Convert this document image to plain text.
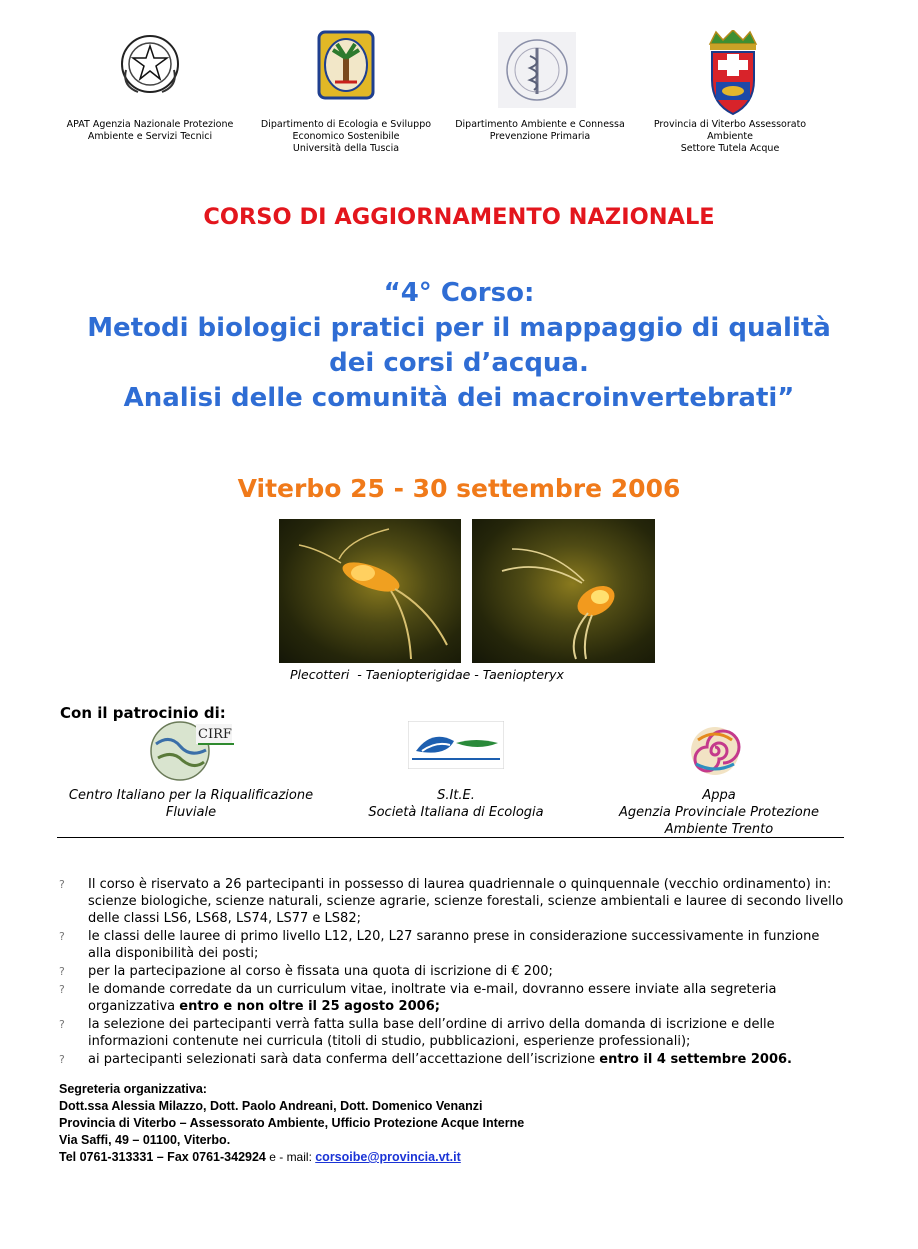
APAT Agenzia Nazionale Protezione
Ambiente e Servizi Tecnici
Dipartimento di Ecologia e Sviluppo
Economico Sostenibile
Università della Tuscia
Dipartimento Ambiente e Connessa
Prevenzione Primaria
Provincia di Viterbo Assessorato Ambiente
Settore Tutela Acque
CORSO DI AGGIORNAMENTO NAZIONALE
“4° Corso:
Metodi biologici pratici per il mappaggio di qualità
dei corsi d’acqua.
Analisi delle comunità dei macroinvertebrati”
Viterbo 25 - 30 settembre 2006
Plecotteri  - Taeniopterigidae - Taeniopteryx
Con il patrocinio di:
CIRF
Centro Italiano per la Riqualificazione
Fluviale
S.It.E.
Società Italiana di Ecologia
Appa
Agenzia Provinciale Protezione
Ambiente Trento
? Il corso è riservato a 26 partecipanti in possesso di laurea quadriennale o quinquennale (vecchio ordinamento) in: scienze biologiche, scienze naturali, scienze agrarie, scienze forestali, scienze ambientali e lauree di secondo livello delle classi LS6, LS68, LS74, LS77 e LS82;
? le classi delle lauree di primo livello L12, L20, L27 saranno prese in considerazione successivamente in funzione alla disponibilità dei posti;
? per la partecipazione al corso è fissata una quota di iscrizione di € 200;
? le domande corredate da un curriculum vitae, inoltrate via e-mail, dovranno essere inviate alla segreteria organizzativa entro e non oltre il 25 agosto 2006;
? la selezione dei partecipanti verrà fatta sulla base dell’ordine di arrivo della domanda di iscrizione e delle informazioni contenute nei curricula (titoli di studio, pubblicazioni, esperienze professionali);
? ai partecipanti selezionati sarà data conferma dell’accettazione dell’iscrizione entro il 4 settembre 2006.
Segreteria organizzativa:
Dott.ssa Alessia Milazzo, Dott. Paolo Andreani, Dott. Domenico Venanzi
Provincia di Viterbo – Assessorato Ambiente, Ufficio Protezione Acque Interne
Via Saffi, 49 – 01100, Viterbo.
Tel 0761-313331 – Fax 0761-342924 e - mail: corsoibe@provincia.vt.it
